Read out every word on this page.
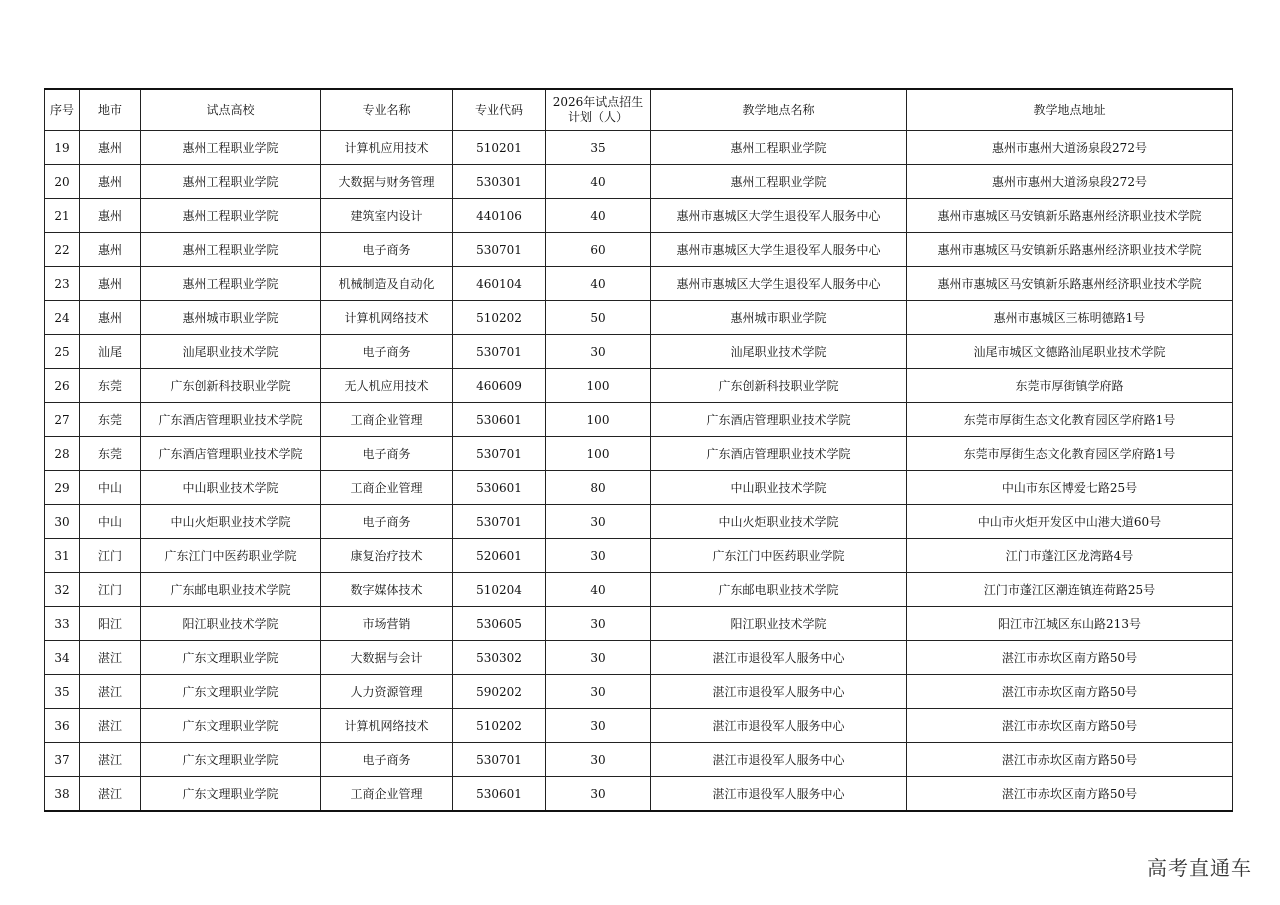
序号	地市	试点高校	专业名称	专业代码	2026年试点招生计划（人）	教学地点名称	教学地点地址
19	惠州	惠州工程职业学院	计算机应用技术	510201	35	惠州工程职业学院	惠州市惠州大道汤泉段272号
20	惠州	惠州工程职业学院	大数据与财务管理	530301	40	惠州工程职业学院	惠州市惠州大道汤泉段272号
21	惠州	惠州工程职业学院	建筑室内设计	440106	40	惠州市惠城区大学生退役军人服务中心	惠州市惠城区马安镇新乐路惠州经济职业技术学院
22	惠州	惠州工程职业学院	电子商务	530701	60	惠州市惠城区大学生退役军人服务中心	惠州市惠城区马安镇新乐路惠州经济职业技术学院
23	惠州	惠州工程职业学院	机械制造及自动化	460104	40	惠州市惠城区大学生退役军人服务中心	惠州市惠城区马安镇新乐路惠州经济职业技术学院
24	惠州	惠州城市职业学院	计算机网络技术	510202	50	惠州城市职业学院	惠州市惠城区三栋明德路1号
25	汕尾	汕尾职业技术学院	电子商务	530701	30	汕尾职业技术学院	汕尾市城区文德路汕尾职业技术学院
26	东莞	广东创新科技职业学院	无人机应用技术	460609	100	广东创新科技职业学院	东莞市厚街镇学府路
27	东莞	广东酒店管理职业技术学院	工商企业管理	530601	100	广东酒店管理职业技术学院	东莞市厚街生态文化教育园区学府路1号
28	东莞	广东酒店管理职业技术学院	电子商务	530701	100	广东酒店管理职业技术学院	东莞市厚街生态文化教育园区学府路1号
29	中山	中山职业技术学院	工商企业管理	530601	80	中山职业技术学院	中山市东区博爱七路25号
30	中山	中山火炬职业技术学院	电子商务	530701	30	中山火炬职业技术学院	中山市火炬开发区中山港大道60号
31	江门	广东江门中医药职业学院	康复治疗技术	520601	30	广东江门中医药职业学院	江门市蓬江区龙湾路4号
32	江门	广东邮电职业技术学院	数字媒体技术	510204	40	广东邮电职业技术学院	江门市蓬江区潮连镇连荷路25号
33	阳江	阳江职业技术学院	市场营销	530605	30	阳江职业技术学院	阳江市江城区东山路213号
34	湛江	广东文理职业学院	大数据与会计	530302	30	湛江市退役军人服务中心	湛江市赤坎区南方路50号
35	湛江	广东文理职业学院	人力资源管理	590202	30	湛江市退役军人服务中心	湛江市赤坎区南方路50号
36	湛江	广东文理职业学院	计算机网络技术	510202	30	湛江市退役军人服务中心	湛江市赤坎区南方路50号
37	湛江	广东文理职业学院	电子商务	530701	30	湛江市退役军人服务中心	湛江市赤坎区南方路50号
38	湛江	广东文理职业学院	工商企业管理	530601	30	湛江市退役军人服务中心	湛江市赤坎区南方路50号
高考直通车
